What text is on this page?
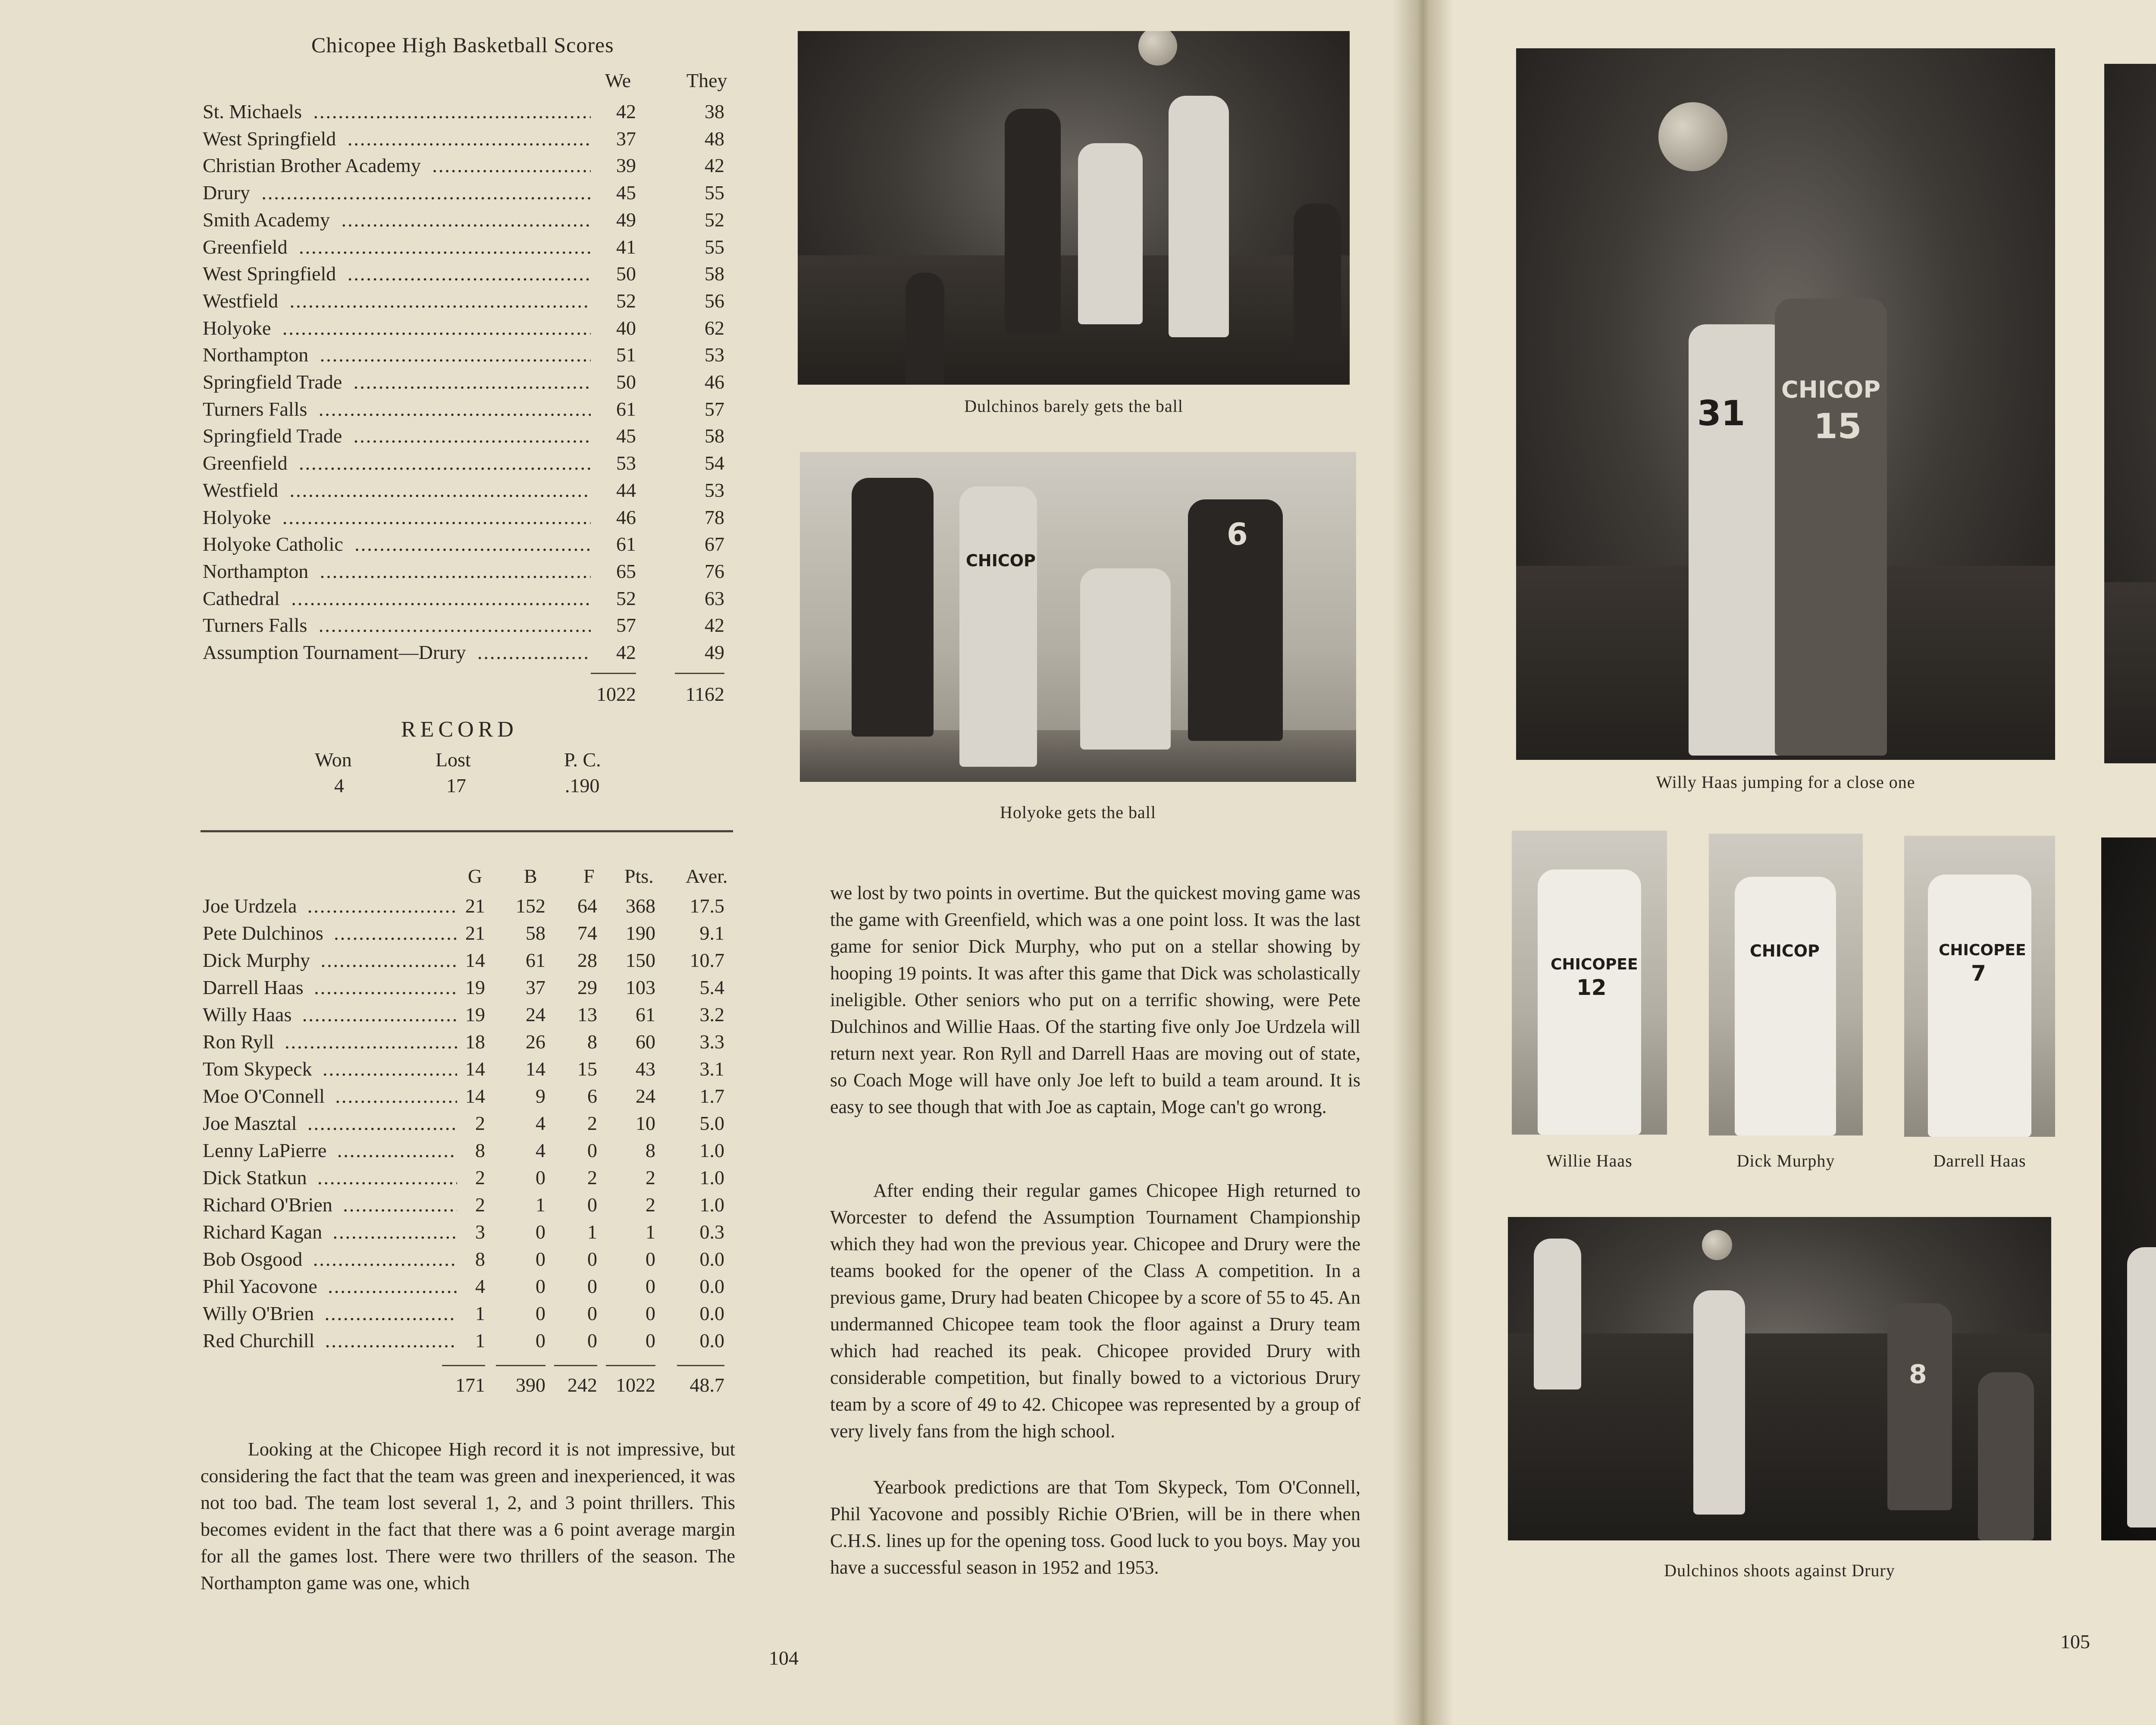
Chicopee High Basketball Scores
We	They
St. Michaels .....	42	38
West Springfield .....	37	48
Christian Brother Academy .....	39	42
Drury .....	45	55
Smith Academy .....	49	52
Greenfield .....	41	55
West Springfield .....	50	58
Westfield .....	52	56
Holyoke .....	40	62
Northampton .....	51	53
Springfield Trade .....	50	46
Turners Falls .....	61	57
Springfield Trade .....	45	58
Greenfield .....	53	54
Westfield .....	44	53
Holyoke .....	46	78
Holyoke Catholic .....	61	67
Northampton .....	65	76
Cathedral .....	52	63
Turners Falls .....	57	42
Assumption Tournament—Drury .....	42	49
1022	1162
RECORD
Won	Lost	P. C.
4	17	.190
G B F Pts. Aver.
Joe Urdzela .....	21	152	64	368	17.5
Pete Dulchinos .....	21	58	74	190	9.1
Dick Murphy .....	14	61	28	150	10.7
Darrell Haas .....	19	37	29	103	5.4
Willy Haas .....	19	24	13	61	3.2
Ron Ryll .....	18	26	8	60	3.3
Tom Skypeck .....	14	14	15	43	3.1
Moe O'Connell .....	14	9	6	24	1.7
Joe Masztal .....	2	4	2	10	5.0
Lenny LaPierre .....	8	4	0	8	1.0
Dick Statkun .....	2	0	2	2	1.0
Richard O'Brien .....	2	1	0	2	1.0
Richard Kagan .....	3	0	1	1	0.3
Bob Osgood .....	8	0	0	0	0.0
Phil Yacovone .....	4	0	0	0	0.0
Willy O'Brien .....	1	0	0	0	0.0
Red Churchill .....	1	0	0	0	0.0
171	390	242 1022	48.7
Looking at the Chicopee High record it is not impressive, but considering the fact that the team was green and inexperienced, it was not too bad. The team lost several 1, 2, and 3 point thrillers. This becomes evident in the fact that there was a 6 point average margin for all the games lost. There were two thrillers of the season. The Northampton game was one, which
Dulchinos barely gets the ball
CHICOP
6
Holyoke gets the ball
we lost by two points in overtime. But the quickest moving game was the game with Greenfield, which was a one point loss. It was the last game for senior Dick Murphy, who put on a stellar showing by hooping 19 points. It was after this game that Dick was scholastically ineligible. Other seniors who put on a terrific showing, were Pete Dulchinos and Willie Haas. Of the starting five only Joe Urdzela will return next year. Ron Ryll and Darrell Haas are moving out of state, so Coach Moge will have only Joe left to build a team around. It is easy to see though that with Joe as captain, Moge can't go wrong.
After ending their regular games Chicopee High returned to Worcester to defend the Assumption Tournament Championship which they had won the previous year. Chicopee and Drury were the teams booked for the opener of the Class A competition. In a previous game, Drury had beaten Chicopee by a score of 55 to 45. An undermanned Chicopee team took the floor against a Drury team which had reached its peak. Chicopee provided Drury with considerable competition, but finally bowed to a victorious Drury team by a score of 49 to 42. Chicopee was represented by a group of very lively fans from the high school.
Yearbook predictions are that Tom Skypeck, Tom O'Connell, Phil Yacovone and possibly Richie O'Brien, will be in there when C.H.S. lines up for the opening toss. Good luck to you boys. May you have a successful season in 1952 and 1953.
104
31
CHICOP
15
Willy Haas jumping for a close one
CHICOPEE
12
Willie Haas
CHICOP
Dick Murphy
CHICOPEE
7
Darrell Haas
8
Dulchinos shoots against Drury
105
